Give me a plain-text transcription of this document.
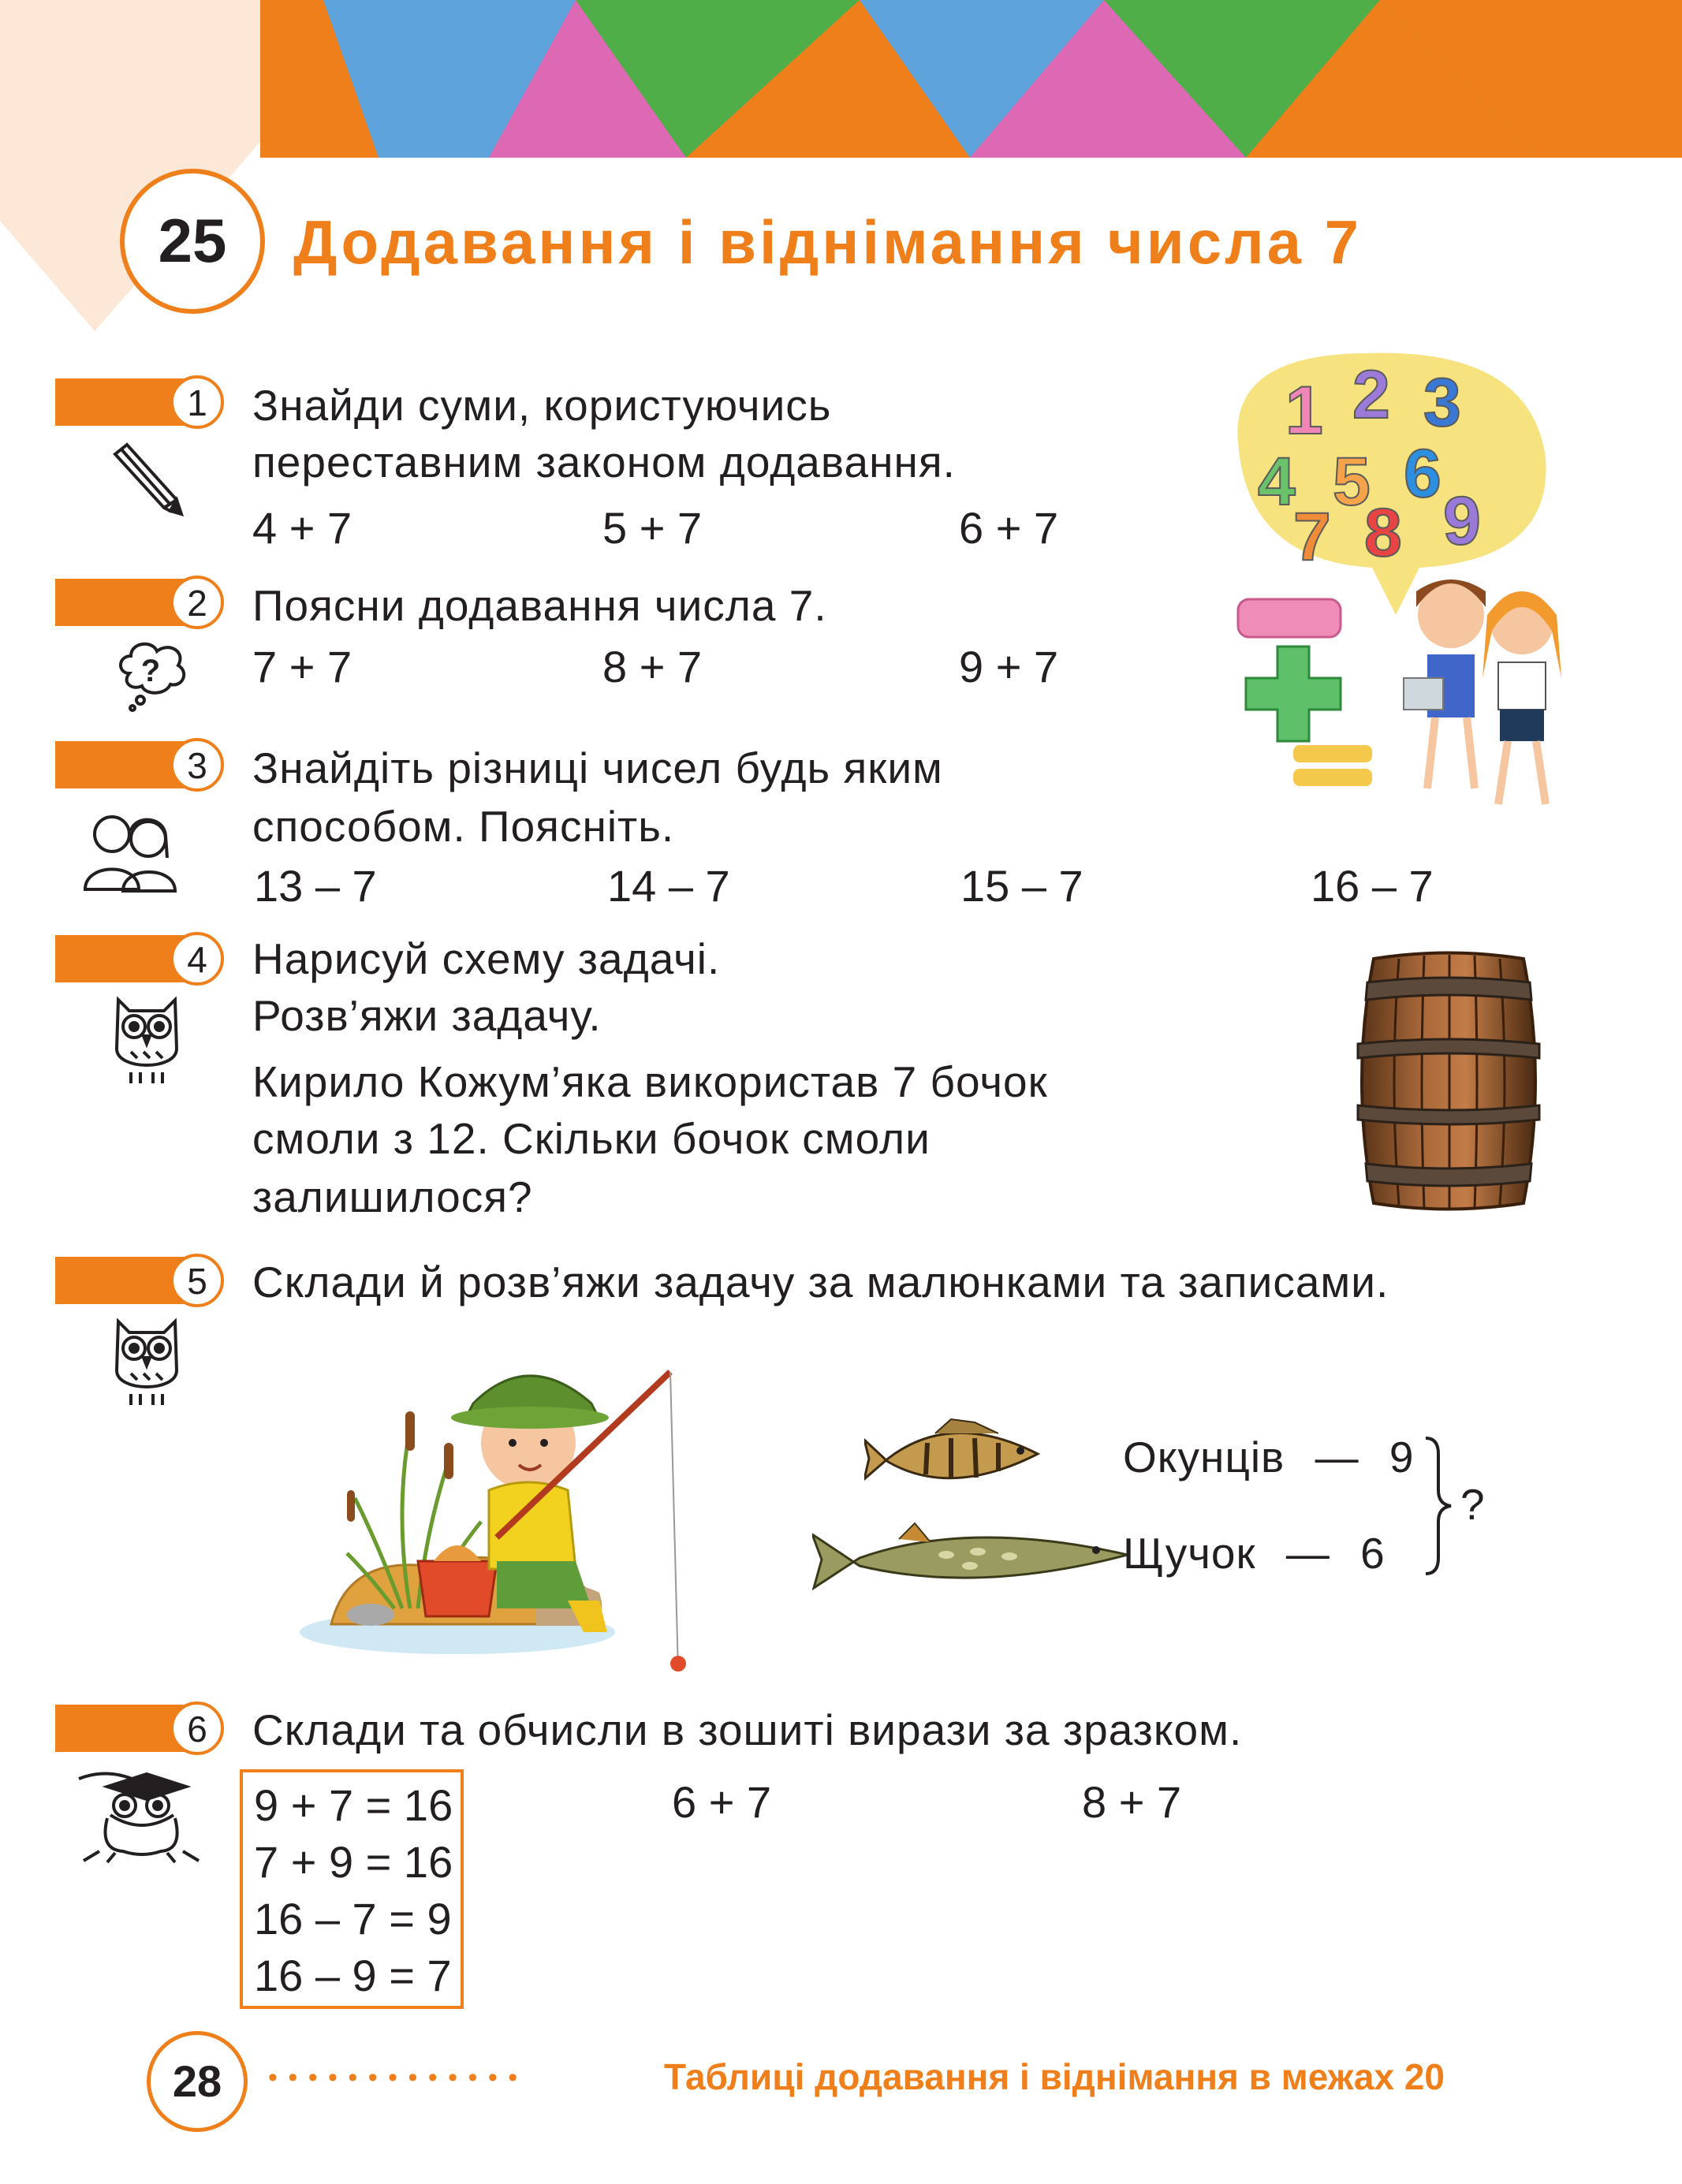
25	Додавання і віднімання числа 7
1	Знайди суми, користуючись
переставним законом додавання.
4 + 7	5 + 7	6 + 7
2
?
Поясни додавання числа 7.
7 + 7	8 + 7	9 + 7
3	Знайдіть різниці чисел будь яким
способом. Поясніть.
13 – 7	14 – 7	15 – 7	16 – 7
4	Нарисуй схему задачі.
Розв’яжи задачу.
Кирило Кожум’яка використав 7 бочок
смоли з 12. Скільки бочок смоли
залишилося?
5	Склади й розв’яжи задачу за малюнками та записами.
Окунців — 9
Щучок — 6
?
6	Склади та обчисли в зошиті вирази за зразком.
9 + 7 = 16
7 + 9 = 16
16 – 7 = 9
16 – 9 = 7
6 + 7	8 + 7
1 2 3
4 5 6
7 8 9
28	• • • • • • • • • • • • •	Таблиці додавання і віднімання в межах 20
